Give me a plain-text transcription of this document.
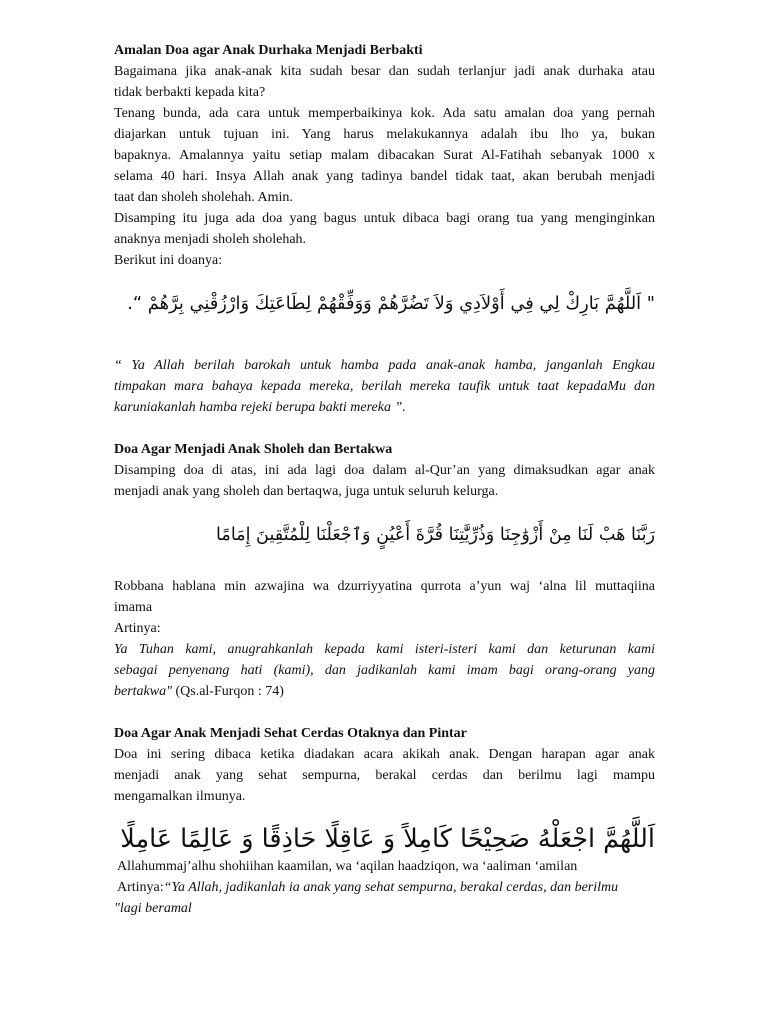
Amalan Doa agar Anak Durhaka Menjadi Berbakti
Bagaimana jika anak-anak kita sudah besar dan sudah terlanjur jadi anak durhaka atau
tidak berbakti kepada kita?
Tenang bunda, ada cara untuk memperbaikinya kok. Ada satu amalan doa yang pernah
diajarkan untuk tujuan ini. Yang harus melakukannya adalah ibu lho ya, bukan
bapaknya. Amalannya yaitu setiap malam dibacakan Surat Al-Fatihah sebanyak 1000 x
selama 40 hari. Insya Allah anak yang tadinya bandel tidak taat, akan berubah menjadi
taat dan sholeh sholehah. Amin.
Disamping itu juga ada doa yang bagus untuk dibaca bagi orang tua yang menginginkan
anaknya menjadi sholeh sholehah.
Berikut ini doanya:
" اَللَّهُمَّ بَارِكْ لِي فِي أَوْلاَدِي وَلاَ تَضُرَّهُمْ وَوَفِّقْهُمْ لِطَاعَتِكَ وَارْزُقْنِي بِرَّهُمْ “.
“ Ya Allah berilah barokah untuk hamba pada anak-anak hamba, janganlah Engkau
timpakan mara bahaya kepada mereka, berilah mereka taufik untuk taat kepadaMu dan
karuniakanlah hamba rejeki berupa bakti mereka ”.
Doa Agar Menjadi Anak Sholeh dan Bertakwa
Disamping doa di atas, ini ada lagi doa dalam al-Qur’an yang dimaksudkan agar anak
menjadi anak yang sholeh dan bertaqwa, juga untuk seluruh kelurga.
رَبَّنَا هَبْ لَنَا مِنْ أَزْوَٰجِنَا وَذُرِّيَّٰتِنَا قُرَّةَ أَعْيُنٍ وَٱجْعَلْنَا لِلْمُتَّقِينَ إِمَامًا
Robbana hablana min azwajina wa dzurriyyatina qurrota a’yun waj ‘alna lil muttaqiina
imama
Artinya:
Ya Tuhan kami, anugrahkanlah kepada kami isteri-isteri kami dan keturunan kami
sebagai penyenang hati (kami), dan jadikanlah kami imam bagi orang-orang yang
bertakwa" (Qs.al-Furqon : 74)
Doa Agar Anak Menjadi Sehat Cerdas Otaknya dan Pintar
Doa ini sering dibaca ketika diadakan acara akikah anak. Dengan harapan agar anak
menjadi anak yang sehat sempurna, berakal cerdas dan berilmu lagi mampu
mengamalkan ilmunya.
اَللَّهُمَّ اجْعَلْهُ صَحِيْحًا كَامِلاً وَ عَاقِلًا حَاذِقًا وَ عَالِمًا عَامِلًا
Allahummaj’alhu shohiihan kaamilan, wa ‘aqilan haadziqon, wa ‘aaliman ‘amilan
Artinya:“Ya Allah, jadikanlah ia anak yang sehat sempurna, berakal cerdas, dan berilmu
"lagi beramal
